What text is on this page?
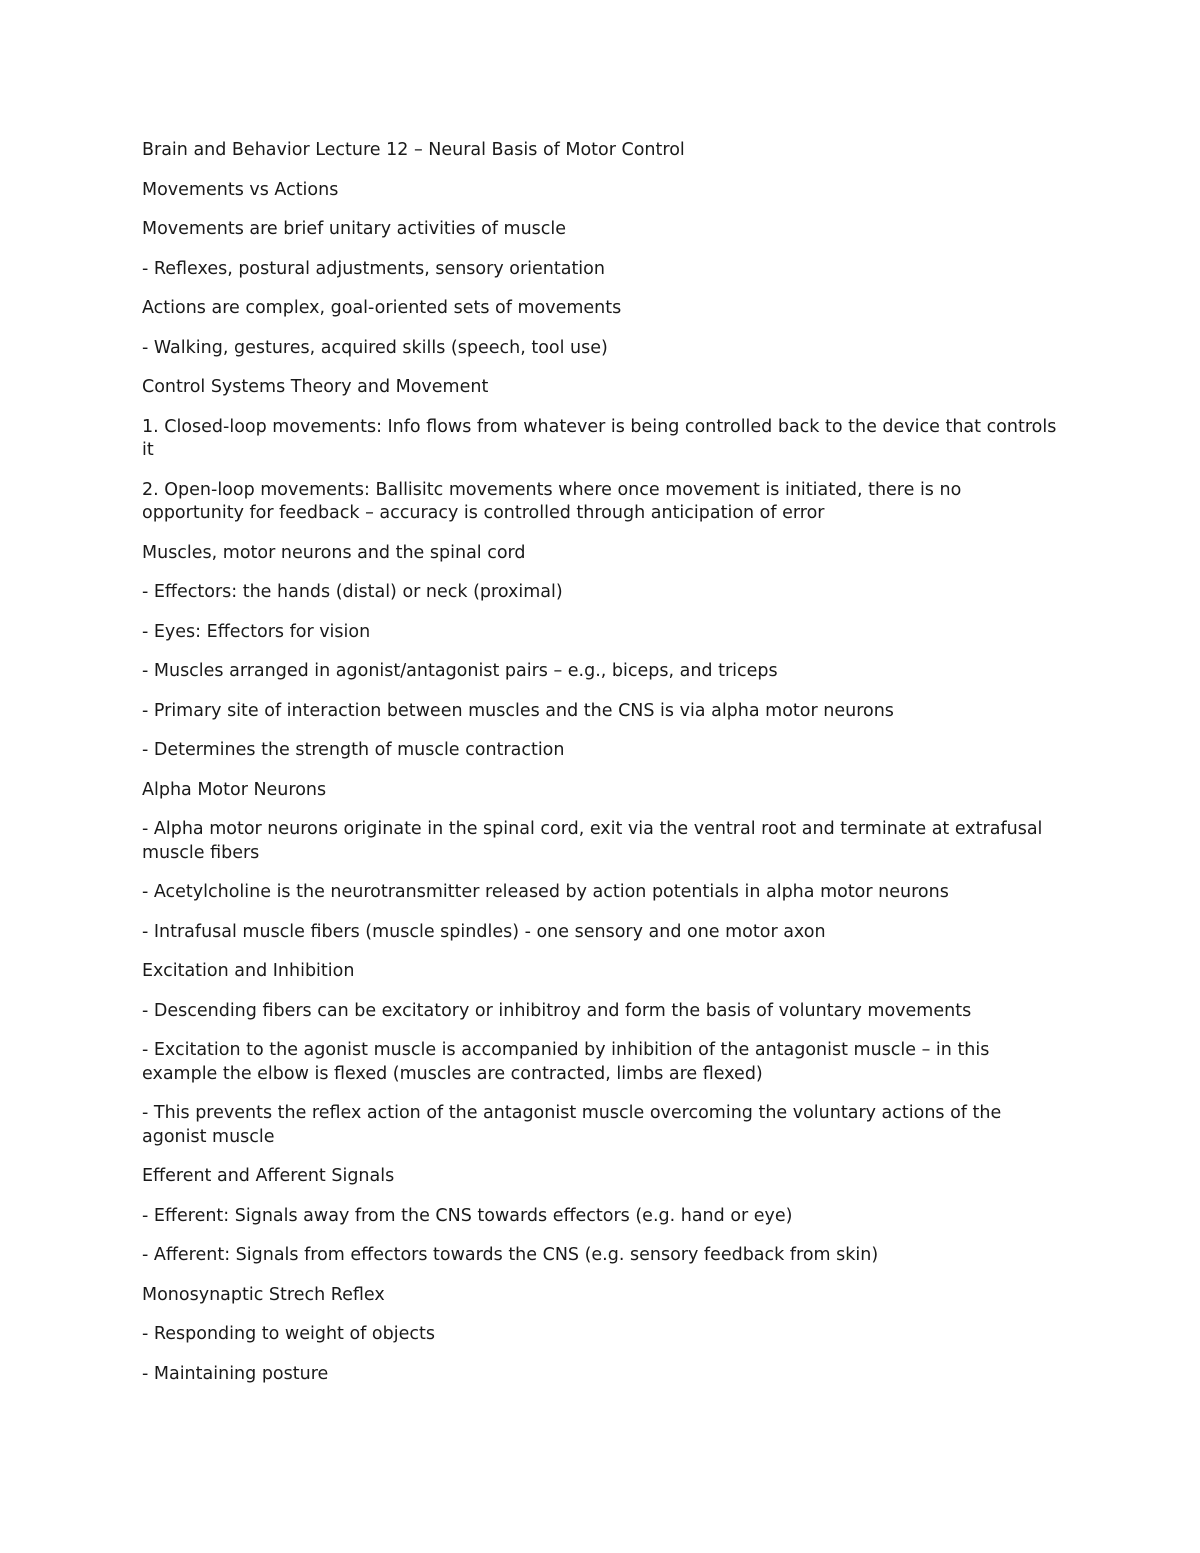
Brain and Behavior Lecture 12 – Neural Basis of Motor Control

Movements vs Actions

Movements are brief unitary activities of muscle

- Reflexes, postural adjustments, sensory orientation

Actions are complex, goal-oriented sets of movements

- Walking, gestures, acquired skills (speech, tool use)

Control Systems Theory and Movement

1. Closed-loop movements: Info flows from whatever is being controlled back to the device that controls it

2. Open-loop movements: Ballisitc movements where once movement is initiated, there is no opportunity for feedback – accuracy is controlled through anticipation of error

Muscles, motor neurons and the spinal cord

- Effectors: the hands (distal) or neck (proximal)

- Eyes: Effectors for vision

- Muscles arranged in agonist/antagonist pairs – e.g., biceps, and triceps

- Primary site of interaction between muscles and the CNS is via alpha motor neurons

- Determines the strength of muscle contraction

Alpha Motor Neurons

- Alpha motor neurons originate in the spinal cord, exit via the ventral root and terminate at extrafusal muscle fibers

- Acetylcholine is the neurotransmitter released by action potentials in alpha motor neurons

- Intrafusal muscle fibers (muscle spindles) - one sensory and one motor axon

Excitation and Inhibition

- Descending fibers can be excitatory or inhibitroy and form the basis of voluntary movements

- Excitation to the agonist muscle is accompanied by inhibition of the antagonist muscle – in this example the elbow is flexed (muscles are contracted, limbs are flexed)

- This prevents the reflex action of the antagonist muscle overcoming the voluntary actions of the agonist muscle

Efferent and Afferent Signals

- Efferent: Signals away from the CNS towards effectors (e.g. hand or eye)

- Afferent: Signals from effectors towards the CNS (e.g. sensory feedback from skin)

Monosynaptic Strech Reflex

- Responding to weight of objects

- Maintaining posture
